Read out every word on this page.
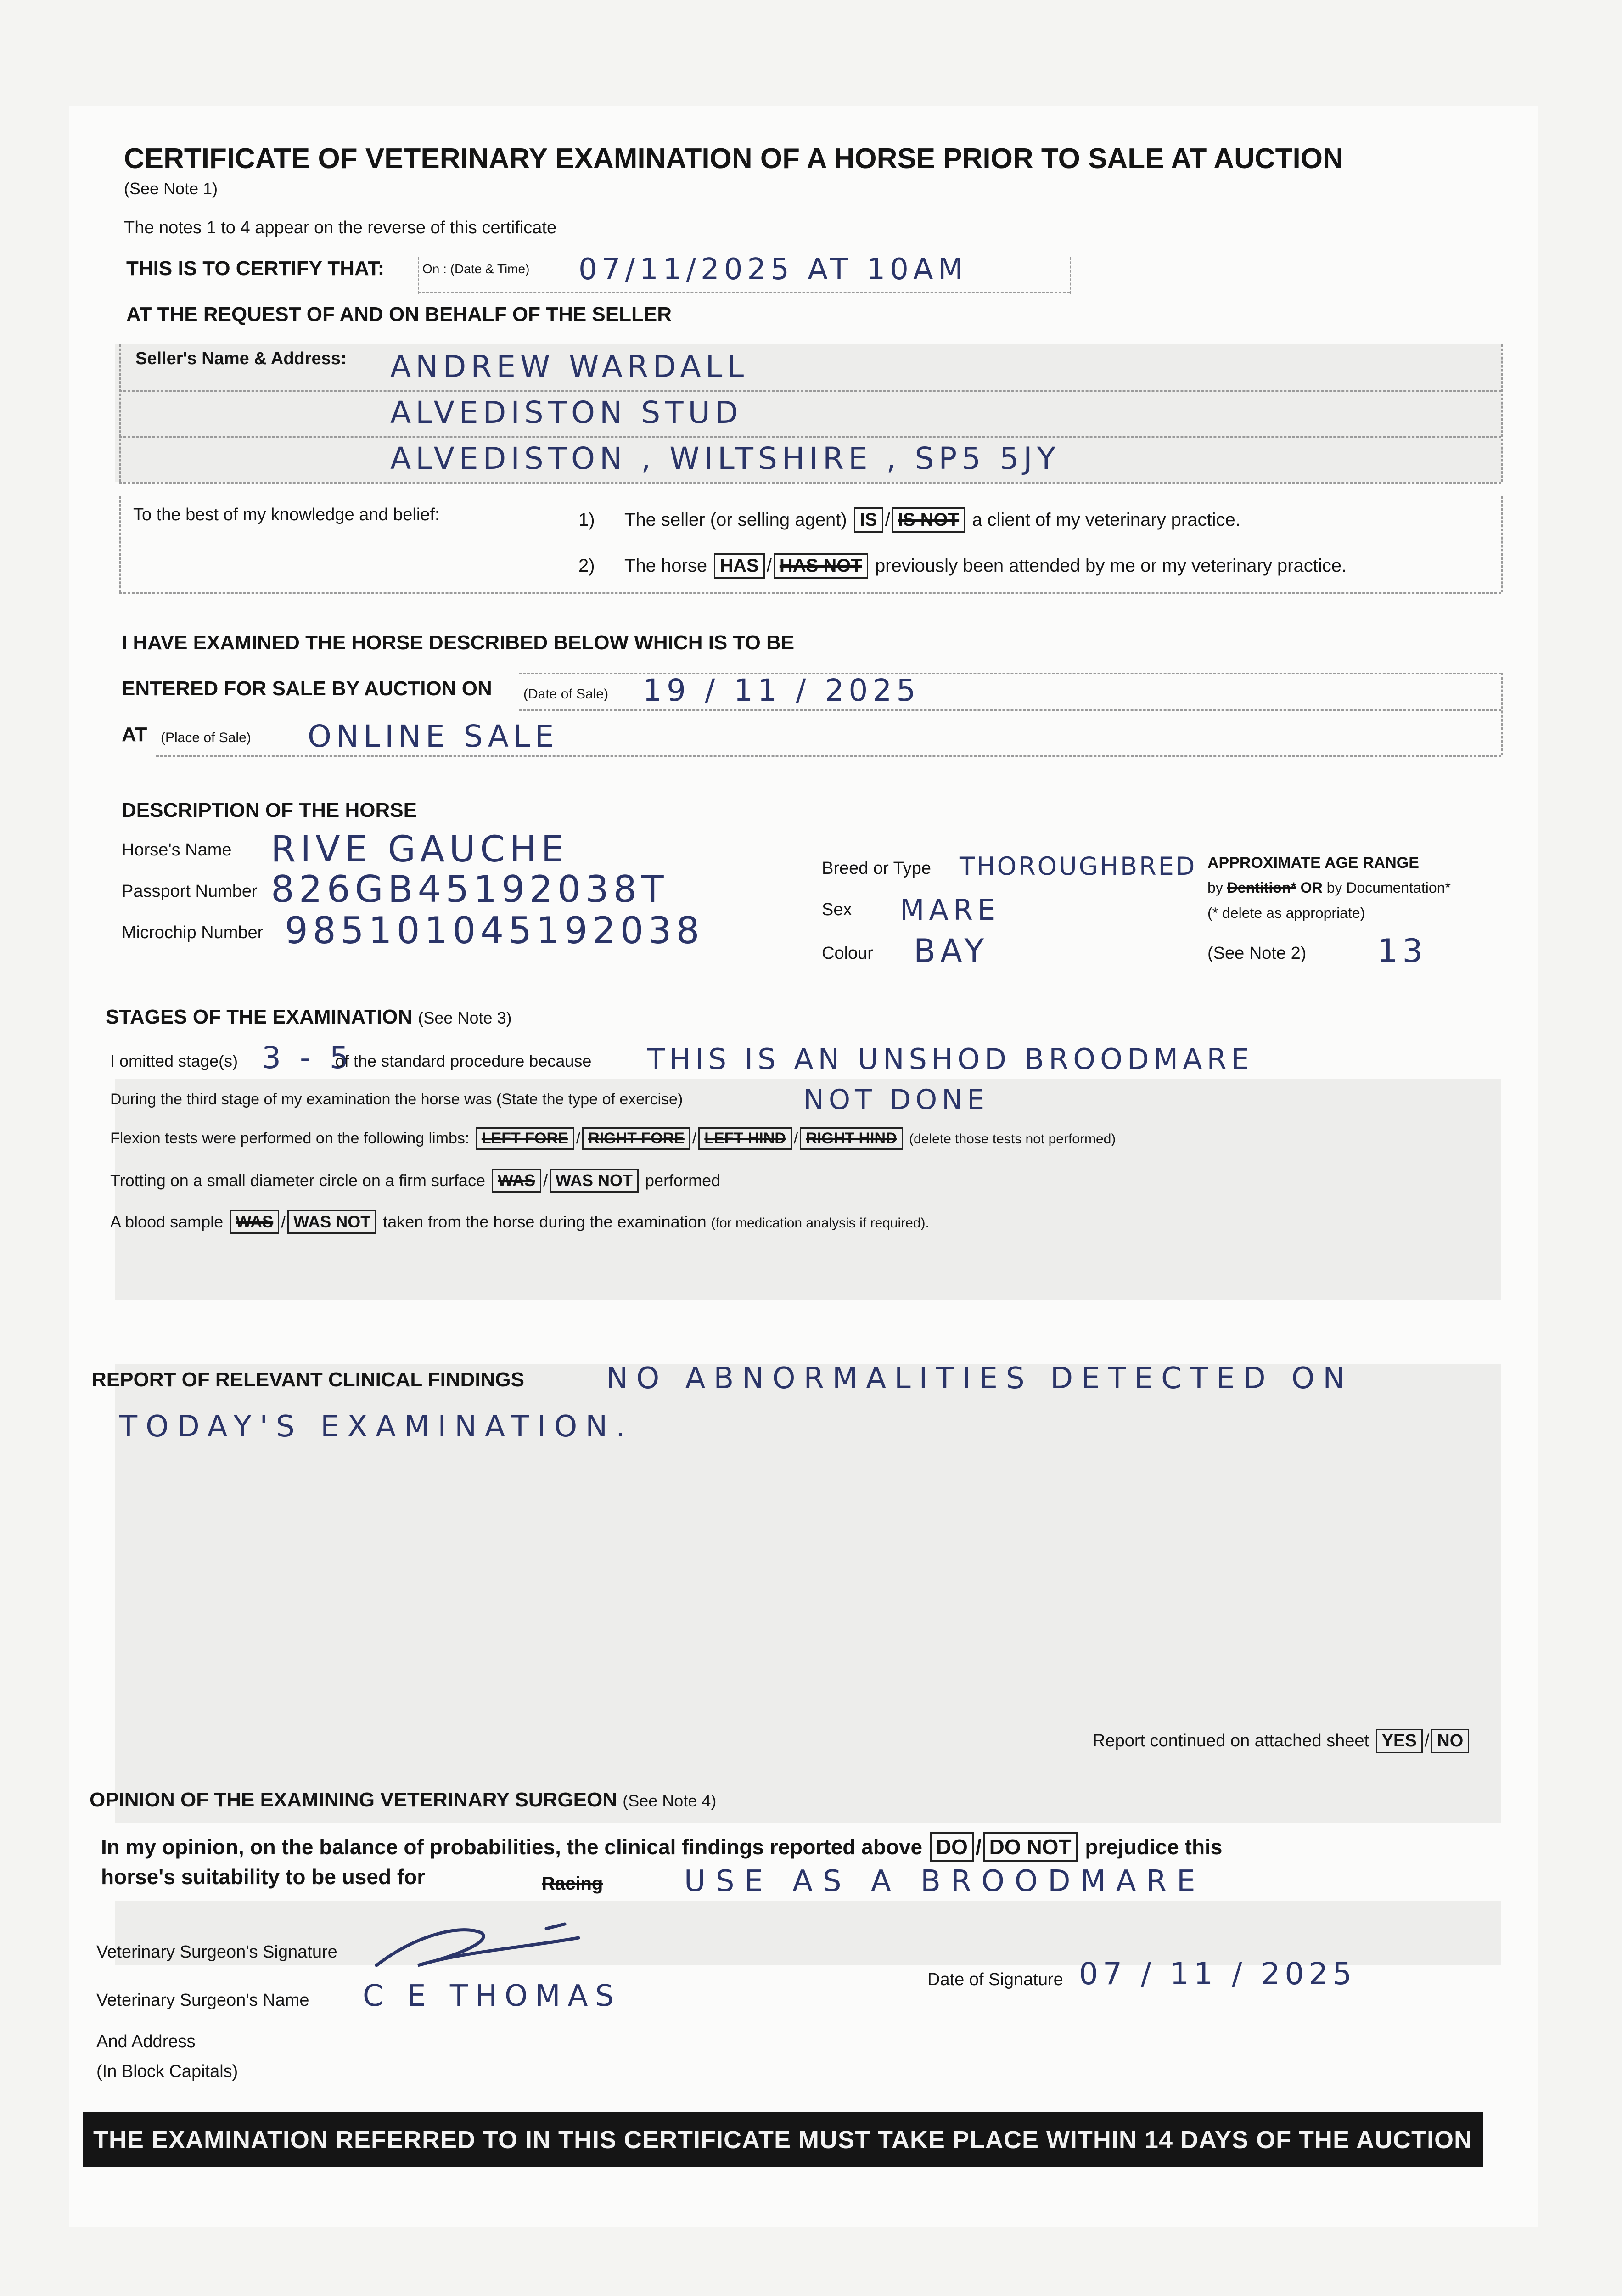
CERTIFICATE OF VETERINARY EXAMINATION OF A HORSE PRIOR TO SALE AT AUCTION
(See Note 1)
The notes 1 to 4 appear on the reverse of this certificate
THIS IS TO CERTIFY THAT:	On : (Date & Time) 07/11/2025 AT 10AM
AT THE REQUEST OF AND ON BEHALF OF THE SELLER
Seller's Name & Address: ANDREW WARDALL
ALVEDISTON STUD
ALVEDISTON , WILTSHIRE , SP5 5JY
To the best of my knowledge and belief:	1) The seller (or selling agent) IS / IS NOT a client of my veterinary practice.
2) The horse HAS / HAS NOT previously been attended by me or my veterinary practice.
I HAVE EXAMINED THE HORSE DESCRIBED BELOW WHICH IS TO BE
ENTERED FOR SALE BY AUCTION ON (Date of Sale) 19 / 11 / 2025
AT (Place of Sale) ONLINE SALE
DESCRIPTION OF THE HORSE
Horse's Name RIVE GAUCHE
Passport Number 826GB45192038T
Microchip Number 985101045192038
Breed or Type THOROUGHBRED
Sex MARE
Colour BAY
APPROXIMATE AGE RANGE
by Dentition* OR by Documentation*
(* delete as appropriate)
(See Note 2) 13
STAGES OF THE EXAMINATION (See Note 3)
I omitted stage(s) 3 - 5
of the standard procedure because THIS IS AN UNSHOD BROODMARE
During the third stage of my examination the horse was (State the type of exercise)	NOT DONE
Flexion tests were performed on the following limbs: LEFT FORE / RIGHT FORE / LEFT HIND / RIGHT HIND (delete those tests not performed)
Trotting on a small diameter circle on a firm surface WAS / WAS NOT performed
A blood sample WAS / WAS NOT taken from the horse during the examination (for medication analysis if required).
REPORT OF RELEVANT CLINICAL FINDINGS	NO ABNORMALITIES DETECTED ON
TODAY'S EXAMINATION.
Report continued on attached sheet YES / NO
OPINION OF THE EXAMINING VETERINARY SURGEON (See Note 4)
In my opinion, on the balance of probabilities, the clinical findings reported above DO / DO NOT prejudice this
horse's suitability to be used for	Racing	USE AS A BROODMARE
Veterinary Surgeon's Signature
Date of Signature 07 / 11 / 2025
Veterinary Surgeon's Name C E THOMAS
And Address
(In Block Capitals)
THE EXAMINATION REFERRED TO IN THIS CERTIFICATE MUST TAKE PLACE WITHIN 14 DAYS OF THE AUCTION
